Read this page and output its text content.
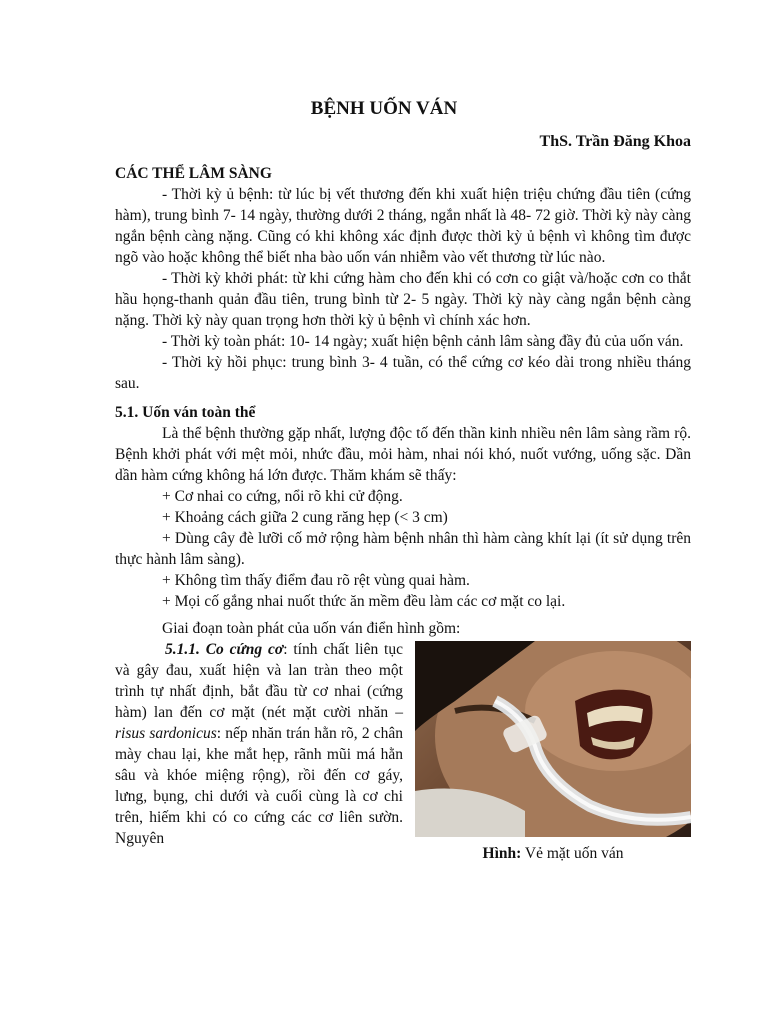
BỆNH UỐN VÁN
ThS. Trần Đăng Khoa

CÁC THỂ LÂM SÀNG

- Thời kỳ ủ bệnh: từ lúc bị vết thương đến khi xuất hiện triệu chứng đầu tiên (cứng hàm), trung bình 7- 14 ngày, thường dưới 2 tháng, ngắn nhất là 48- 72 giờ. Thời kỳ này càng ngắn bệnh càng nặng. Cũng có khi không xác định được thời kỳ ủ bệnh vì không tìm được ngõ vào hoặc không thể biết nha bào uốn ván nhiễm vào vết thương từ lúc nào.

- Thời kỳ khởi phát: từ khi cứng hàm cho đến khi có cơn co giật và/hoặc cơn co thắt hầu họng-thanh quản đầu tiên, trung bình từ 2- 5 ngày. Thời kỳ này càng ngắn bệnh càng nặng. Thời kỳ này quan trọng hơn thời kỳ ủ bệnh vì chính xác hơn.

- Thời kỳ toàn phát: 10- 14 ngày; xuất hiện bệnh cảnh lâm sàng đầy đủ của uốn ván.

- Thời kỳ hồi phục: trung bình 3- 4 tuần, có thể cứng cơ kéo dài trong nhiều tháng sau.

5.1. Uốn ván toàn thể

Là thể bệnh thường gặp nhất, lượng độc tố đến thần kinh nhiều nên lâm sàng rầm rộ. Bệnh khởi phát với mệt mỏi, nhức đầu, mỏi hàm, nhai nói khó, nuốt vướng, uống sặc. Dần dần hàm cứng không há lớn được. Thăm khám sẽ thấy:

+ Cơ nhai co cứng, nổi rõ khi cử động.

+ Khoảng cách giữa 2 cung răng hẹp (< 3 cm)

+ Dùng cây đè lưỡi cố mở rộng hàm bệnh nhân thì hàm càng khít lại (ít sử dụng trên thực hành lâm sàng).

+ Không tìm thấy điểm đau rõ rệt vùng quai hàm.

+ Mọi cố gắng nhai nuốt thức ăn mềm đều làm các cơ mặt co lại.

Giai đoạn toàn phát của uốn ván điển hình gồm:

Hình: Vẻ mặt uốn ván

5.1.1. Co cứng cơ: tính chất liên tục và gây đau, xuất hiện và lan tràn theo một trình tự nhất định, bắt đầu từ cơ nhai (cứng hàm) lan đến cơ mặt (nét mặt cười nhăn – risus sardonicus: nếp nhăn trán hằn rõ, 2 chân mày chau lại, khe mắt hẹp, rãnh mũi má hằn sâu và khóe miệng rộng), rồi đến cơ gáy, lưng, bụng, chi dưới và cuối cùng là cơ chi trên, hiếm khi có co cứng các cơ liên sườn. Nguyên
